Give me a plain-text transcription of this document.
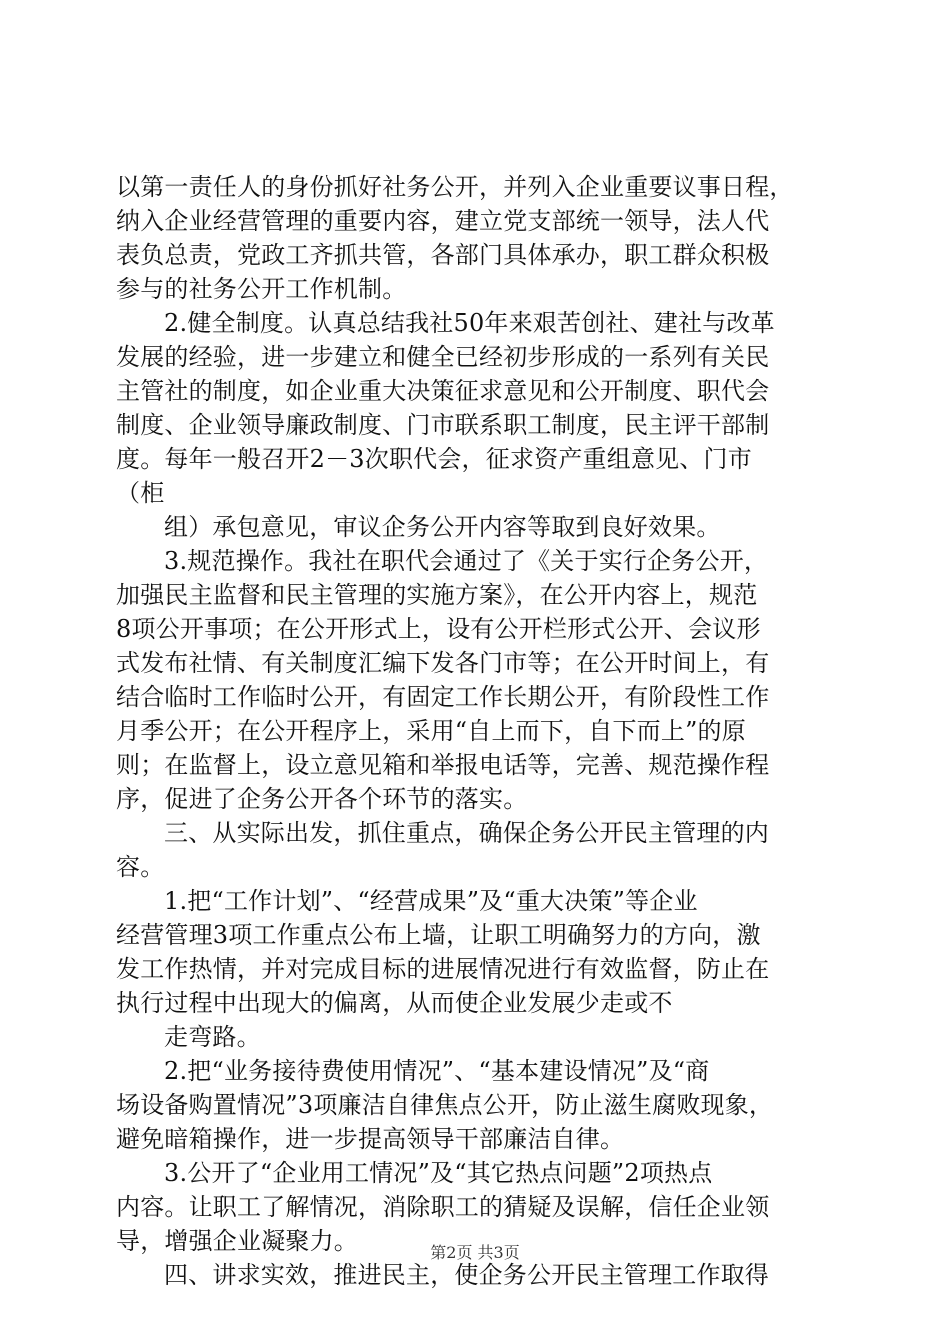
以第一责任人的身份抓好社务公开，并列入企业重要议事日程，
纳入企业经营管理的重要内容，建立党支部统一领导，法人代
表负总责，党政工齐抓共管，各部门具体承办，职工群众积极
参与的社务公开工作机制。
2.健全制度。认真总结我社50年来艰苦创社、建社与改革
发展的经验，进一步建立和健全已经初步形成的一系列有关民
主管社的制度，如企业重大决策征求意见和公开制度、职代会
制度、企业领导廉政制度、门市联系职工制度，民主评干部制
度。每年一般召开2－3次职代会，征求资产重组意见、门市
（柜
组）承包意见，审议企务公开内容等取到良好效果。
3.规范操作。我社在职代会通过了《关于实行企务公开，
加强民主监督和民主管理的实施方案》，在公开内容上，规范
8项公开事项；在公开形式上，设有公开栏形式公开、会议形
式发布社情、有关制度汇编下发各门市等；在公开时间上，有
结合临时工作临时公开，有固定工作长期公开，有阶段性工作
月季公开；在公开程序上，采用“自上而下，自下而上”的原
则；在监督上，设立意见箱和举报电话等，完善、规范操作程
序，促进了企务公开各个环节的落实。
三、从实际出发，抓住重点，确保企务公开民主管理的内
容。
1.把“工作计划”、“经营成果”及“重大决策”等企业
经营管理3项工作重点公布上墙，让职工明确努力的方向，激
发工作热情，并对完成目标的进展情况进行有效监督，防止在
执行过程中出现大的偏离，从而使企业发展少走或不
走弯路。
2.把“业务接待费使用情况”、“基本建设情况”及“商
场设备购置情况”3项廉洁自律焦点公开，防止滋生腐败现象，
避免暗箱操作，进一步提高领导干部廉洁自律。
3.公开了“企业用工情况”及“其它热点问题”2项热点
内容。让职工了解情况，消除职工的猜疑及误解，信任企业领
导，增强企业凝聚力。
四、讲求实效，推进民主，使企务公开民主管理工作取得
第2页 共3页
